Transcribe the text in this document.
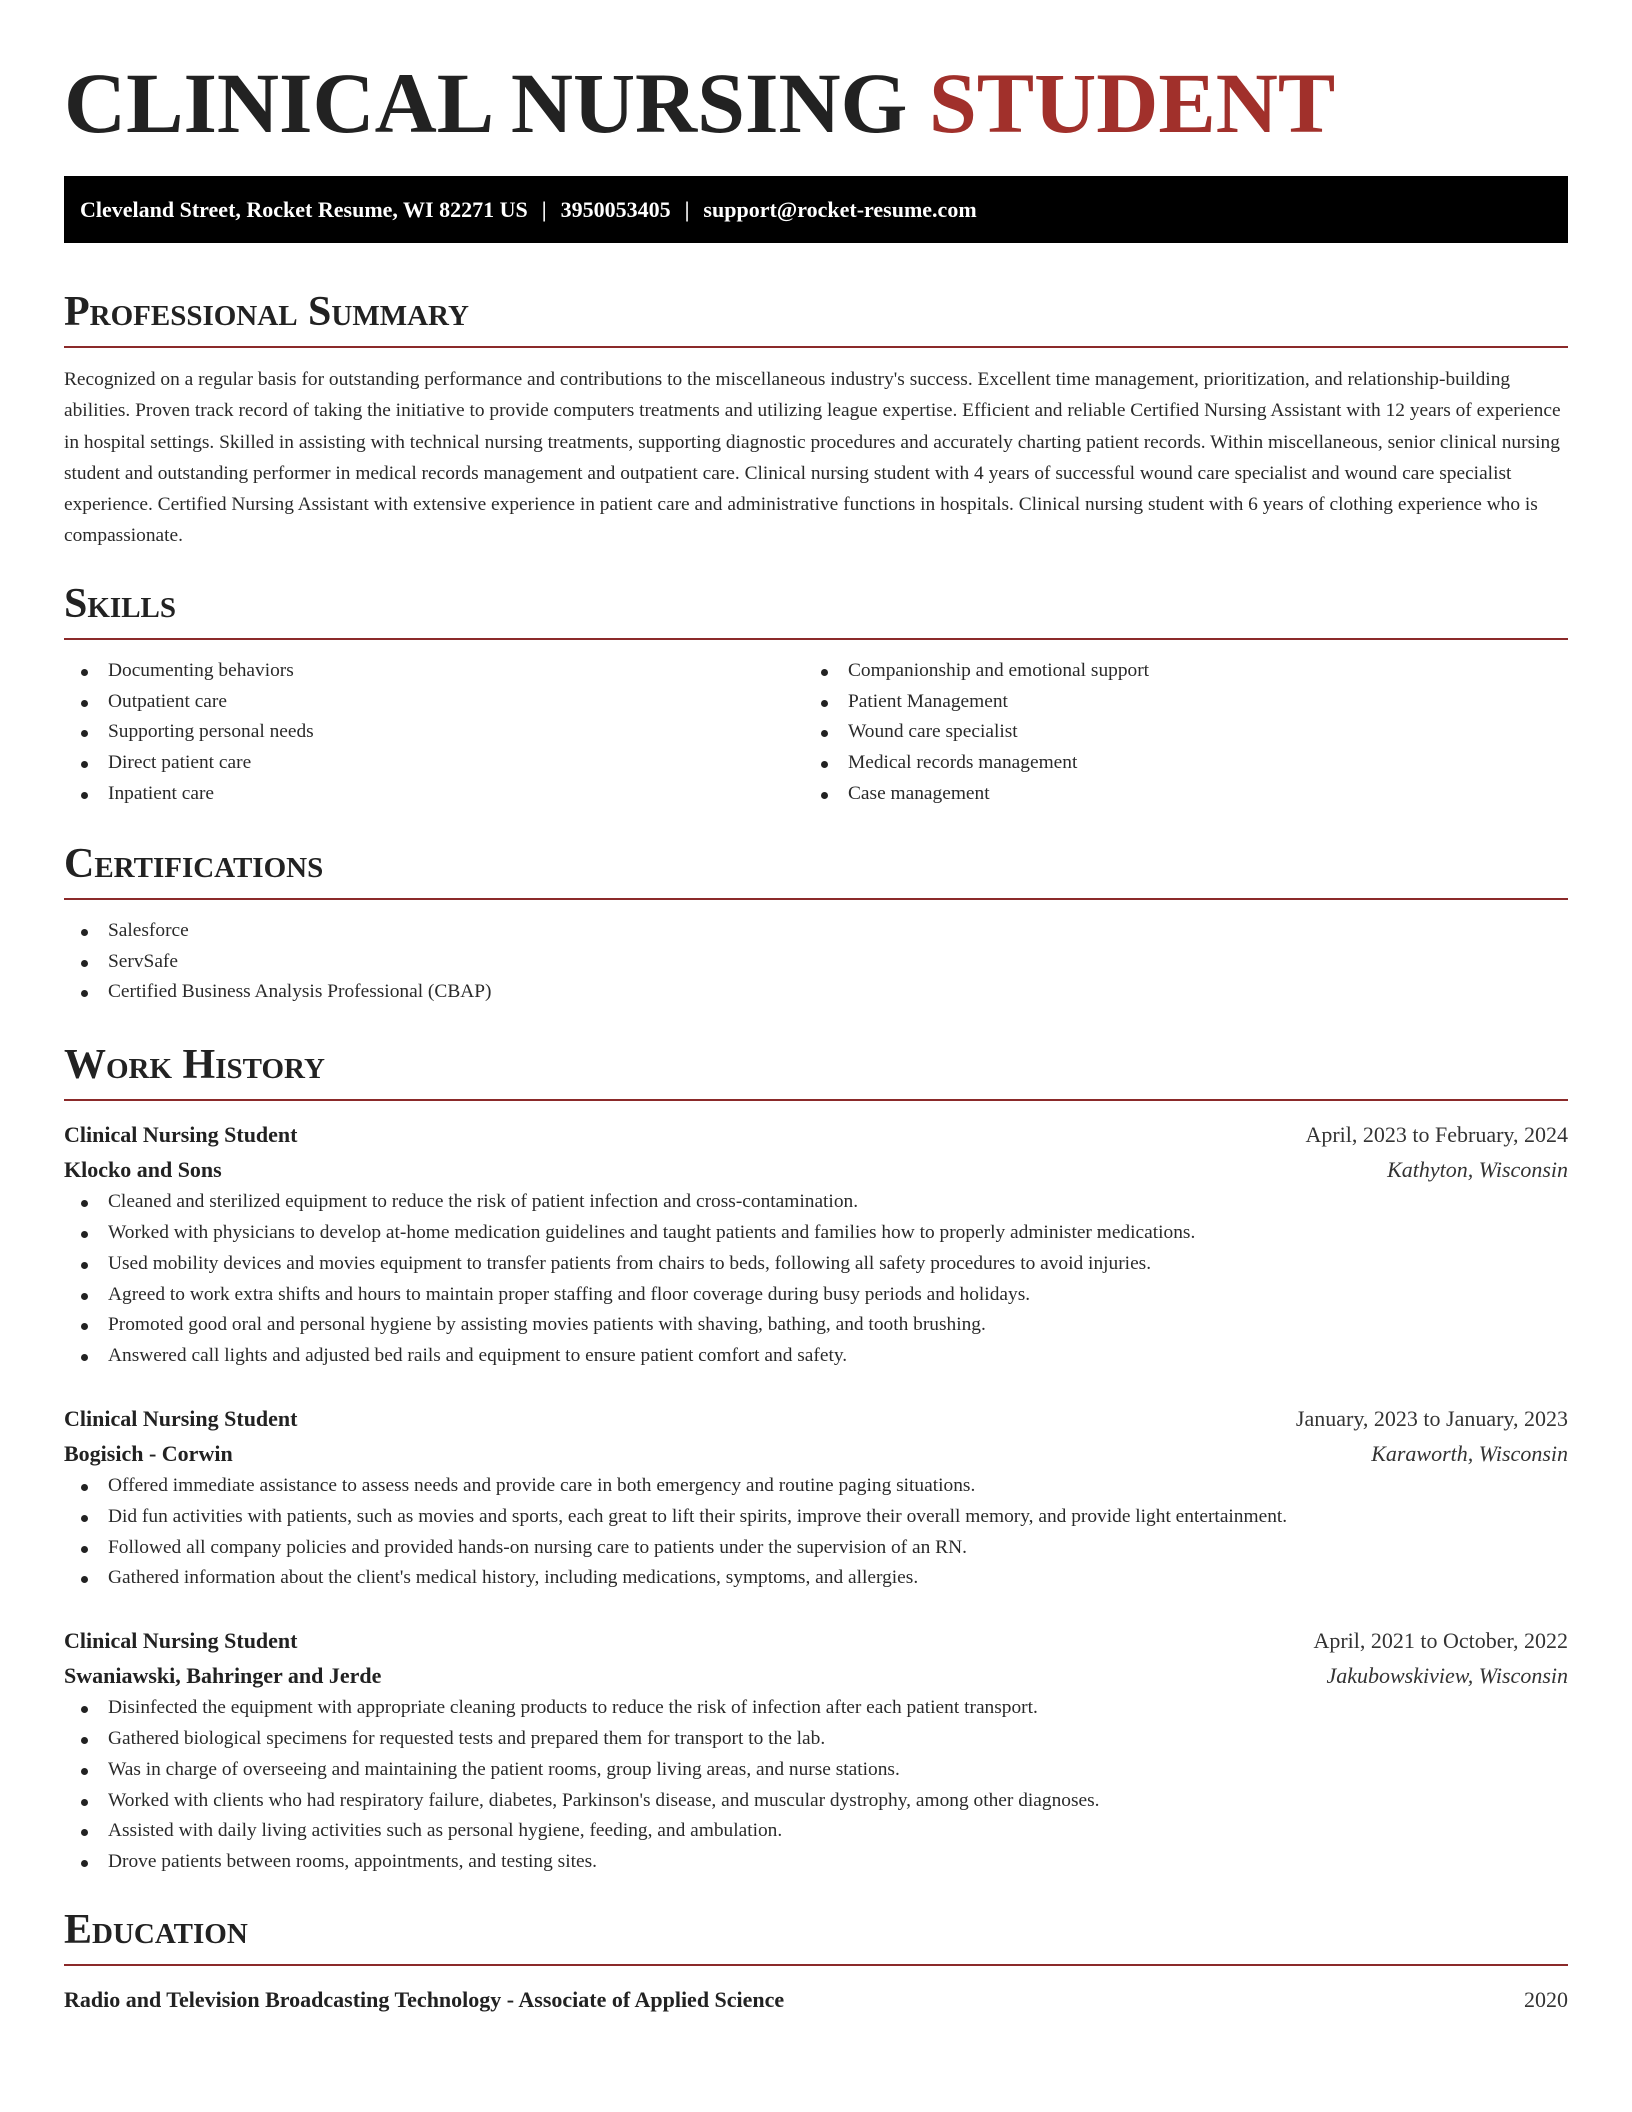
CLINICAL NURSING STUDENT
Cleveland Street, Rocket Resume, WI 82271 US | 3950053405 | support@rocket-resume.com
Professional Summary

Recognized on a regular basis for outstanding performance and contributions to the miscellaneous industry's success. Excellent time management, prioritization, and relationship-building abilities. Proven track record of taking the initiative to provide computers treatments and utilizing league expertise. Efficient and reliable Certified Nursing Assistant with 12 years of experience in hospital settings. Skilled in assisting with technical nursing treatments, supporting diagnostic procedures and accurately charting patient records. Within miscellaneous, senior clinical nursing student and outstanding performer in medical records management and outpatient care. Clinical nursing student with 4 years of successful wound care specialist and wound care specialist experience. Certified Nursing Assistant with extensive experience in patient care and administrative functions in hospitals. Clinical nursing student with 6 years of clothing experience who is compassionate.

Skills
Documenting behaviors
Outpatient care
Supporting personal needs
Direct patient care
Inpatient care
Companionship and emotional support
Patient Management
Wound care specialist
Medical records management
Case management
Certifications
Salesforce
ServSafe
Certified Business Analysis Professional (CBAP)
Work History
Clinical Nursing Student	April, 2023 to February, 2024
Klocko and Sons	Kathyton, Wisconsin
Cleaned and sterilized equipment to reduce the risk of patient infection and cross-contamination.
Worked with physicians to develop at-home medication guidelines and taught patients and families how to properly administer medications.
Used mobility devices and movies equipment to transfer patients from chairs to beds, following all safety procedures to avoid injuries.
Agreed to work extra shifts and hours to maintain proper staffing and floor coverage during busy periods and holidays.
Promoted good oral and personal hygiene by assisting movies patients with shaving, bathing, and tooth brushing.
Answered call lights and adjusted bed rails and equipment to ensure patient comfort and safety.
Clinical Nursing Student	January, 2023 to January, 2023
Bogisich - Corwin	Karaworth, Wisconsin
Offered immediate assistance to assess needs and provide care in both emergency and routine paging situations.
Did fun activities with patients, such as movies and sports, each great to lift their spirits, improve their overall memory, and provide light entertainment.
Followed all company policies and provided hands-on nursing care to patients under the supervision of an RN.
Gathered information about the client's medical history, including medications, symptoms, and allergies.
Clinical Nursing Student	April, 2021 to October, 2022
Swaniawski, Bahringer and Jerde	Jakubowskiview, Wisconsin
Disinfected the equipment with appropriate cleaning products to reduce the risk of infection after each patient transport.
Gathered biological specimens for requested tests and prepared them for transport to the lab.
Was in charge of overseeing and maintaining the patient rooms, group living areas, and nurse stations.
Worked with clients who had respiratory failure, diabetes, Parkinson's disease, and muscular dystrophy, among other diagnoses.
Assisted with daily living activities such as personal hygiene, feeding, and ambulation.
Drove patients between rooms, appointments, and testing sites.
Education
Radio and Television Broadcasting Technology - Associate of Applied Science	2020
